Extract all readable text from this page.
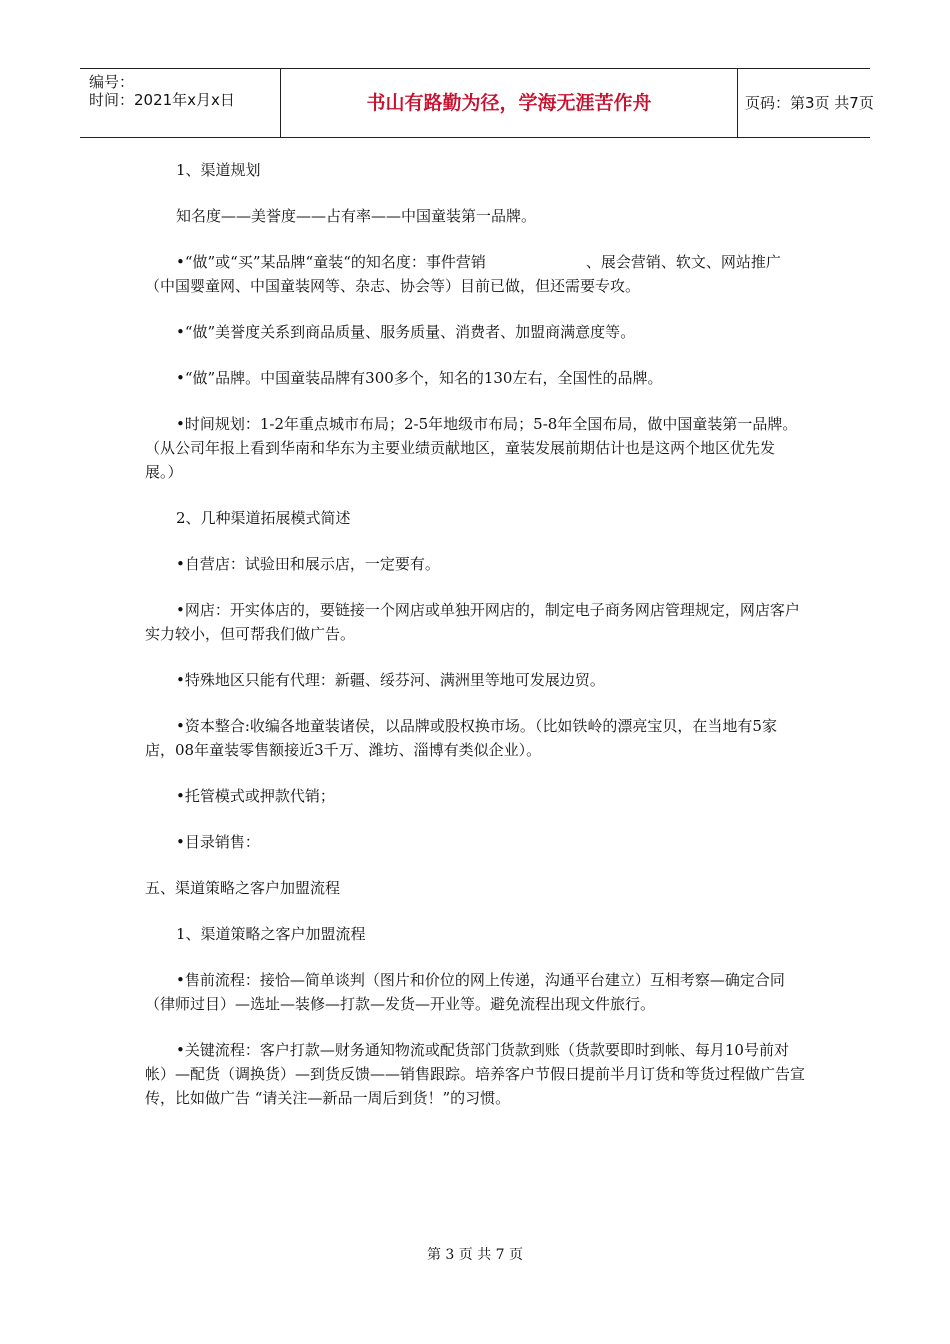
编号：
时间：2021年x月x日	书山有路勤为径，学海无涯苦作舟	页码：第3页 共7页

1、渠道规划

知名度——美誉度——占有率——中国童装第一品牌。

•“做”或“买”某品牌“童装“的知名度：事件营销	、展会营销、软文、网站推广（中国婴童网、中国童装网等、杂志、协会等）目前已做，但还需要专攻。

•“做”美誉度关系到商品质量、服务质量、消费者、加盟商满意度等。

•“做”品牌。中国童装品牌有300多个，知名的130左右，全国性的品牌。

•时间规划：1-2年重点城市布局；2-5年地级市布局；5-8年全国布局，做中国童装第一品牌。（从公司年报上看到华南和华东为主要业绩贡献地区，童装发展前期估计也是这两个地区优先发展。）

2、几种渠道拓展模式简述

•自营店：试验田和展示店，一定要有。

•网店：开实体店的，要链接一个网店或单独开网店的，制定电子商务网店管理规定，网店客户实力较小，但可帮我们做广告。

•特殊地区只能有代理：新疆、绥芬河、满洲里等地可发展边贸。

•资本整合:收编各地童装诸侯，以品牌或股权换市场。（比如铁岭的漂亮宝贝，在当地有5家店，08年童装零售额接近3千万、潍坊、淄博有类似企业）。

•托管模式或押款代销；

•目录销售：

五、渠道策略之客户加盟流程

1、渠道策略之客户加盟流程

•售前流程：接恰—简单谈判（图片和价位的网上传递，沟通平台建立）互相考察—确定合同（律师过目）—选址—装修—打款—发货—开业等。避免流程出现文件旅行。

•关键流程：客户打款—财务通知物流或配货部门货款到账（货款要即时到帐、每月10号前对帐）—配货（调换货）—到货反馈——销售跟踪。培养客户节假日提前半月订货和等货过程做广告宣传，比如做广告 “请关注—新品一周后到货！”的习惯。

第 3 页 共 7 页
